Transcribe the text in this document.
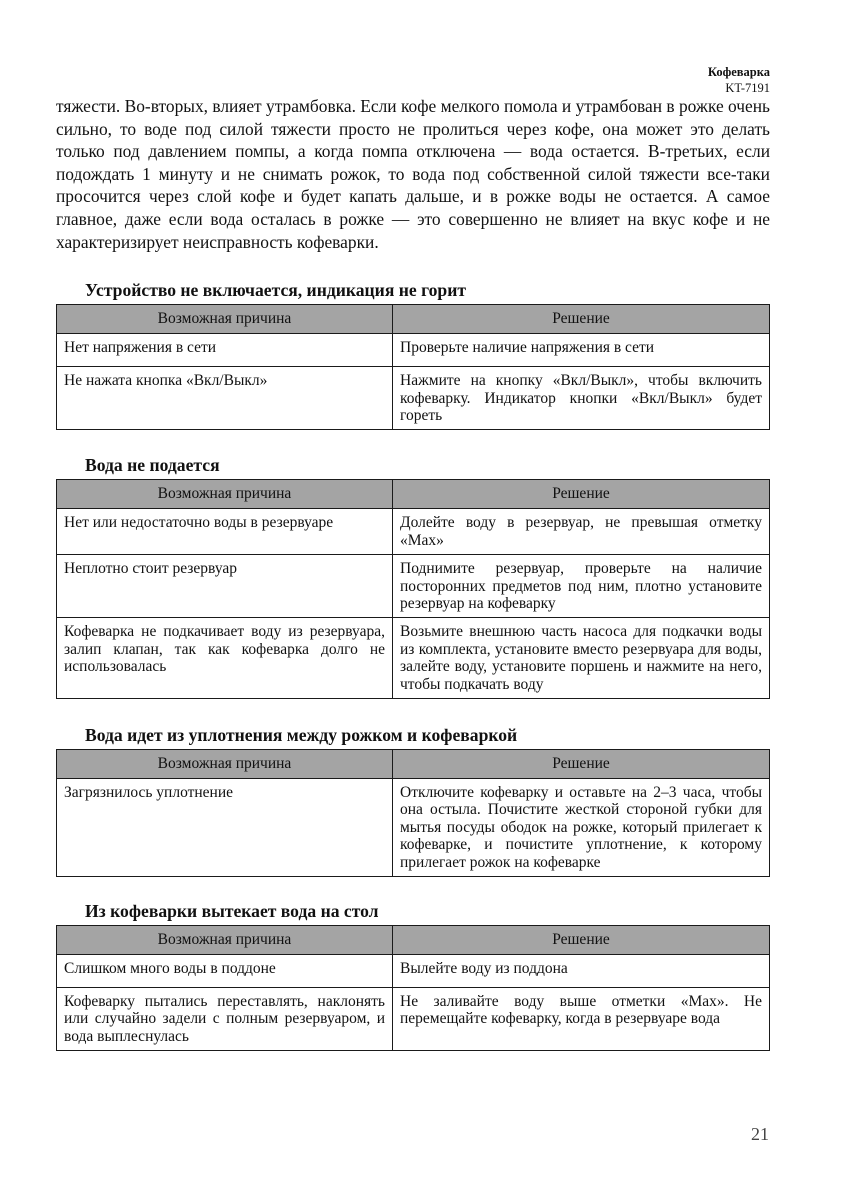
Кофеварка
KT-7191

тяжести. Во-вторых, влияет утрамбовка. Если кофе мелкого помола и утрамбован в рожке очень сильно, то воде под силой тяжести просто не пролиться через кофе, она может это делать только под давлением помпы, а когда помпа отключена — вода остается. В-третьих, если подождать 1 минуту и не снимать рожок, то вода под собственной силой тяжести все-таки просочится через слой кофе и будет капать дальше, и в рожке воды не остается. А самое главное, даже если вода осталась в рожке — это совершенно не влияет на вкус кофе и не характеризирует неисправность кофеварки.

Устройство не включается, индикация не горит
Возможная причина	Решение
Нет напряжения в сети	Проверьте наличие напряжения в сети
Не нажата кнопка «Вкл/Выкл»	Нажмите на кнопку «Вкл/Выкл», чтобы включить кофеварку. Индикатор кнопки «Вкл/Выкл» будет гореть
Вода не подается
Возможная причина	Решение
Нет или недостаточно воды в резервуаре	Долейте воду в резервуар, не превышая отметку «Max»
Неплотно стоит резервуар	Поднимите резервуар, проверьте на наличие посторонних предметов под ним, плотно установите резервуар на кофеварку
Кофеварка не подкачивает воду из резервуара, залип клапан, так как кофеварка долго не использовалась	Возьмите внешнюю часть насоса для подкачки воды из комплекта, установите вместо резервуара для воды, залейте воду, установите поршень и нажмите на него, чтобы подкачать воду
Вода идет из уплотнения между рожком и кофеваркой
Возможная причина	Решение
Загрязнилось уплотнение	Отключите кофеварку и оставьте на 2–3 часа, чтобы она остыла. Почистите жесткой стороной губки для мытья посуды ободок на рожке, который прилегает к кофеварке, и почистите уплотнение, к которому прилегает рожок на кофеварке
Из кофеварки вытекает вода на стол
Возможная причина	Решение
Слишком много воды в поддоне	Вылейте воду из поддона
Кофеварку пытались переставлять, наклонять или случайно задели с полным резервуаром, и вода выплеснулась	Не заливайте воду выше отметки «Max». Не перемещайте кофеварку, когда в резервуаре вода
21
